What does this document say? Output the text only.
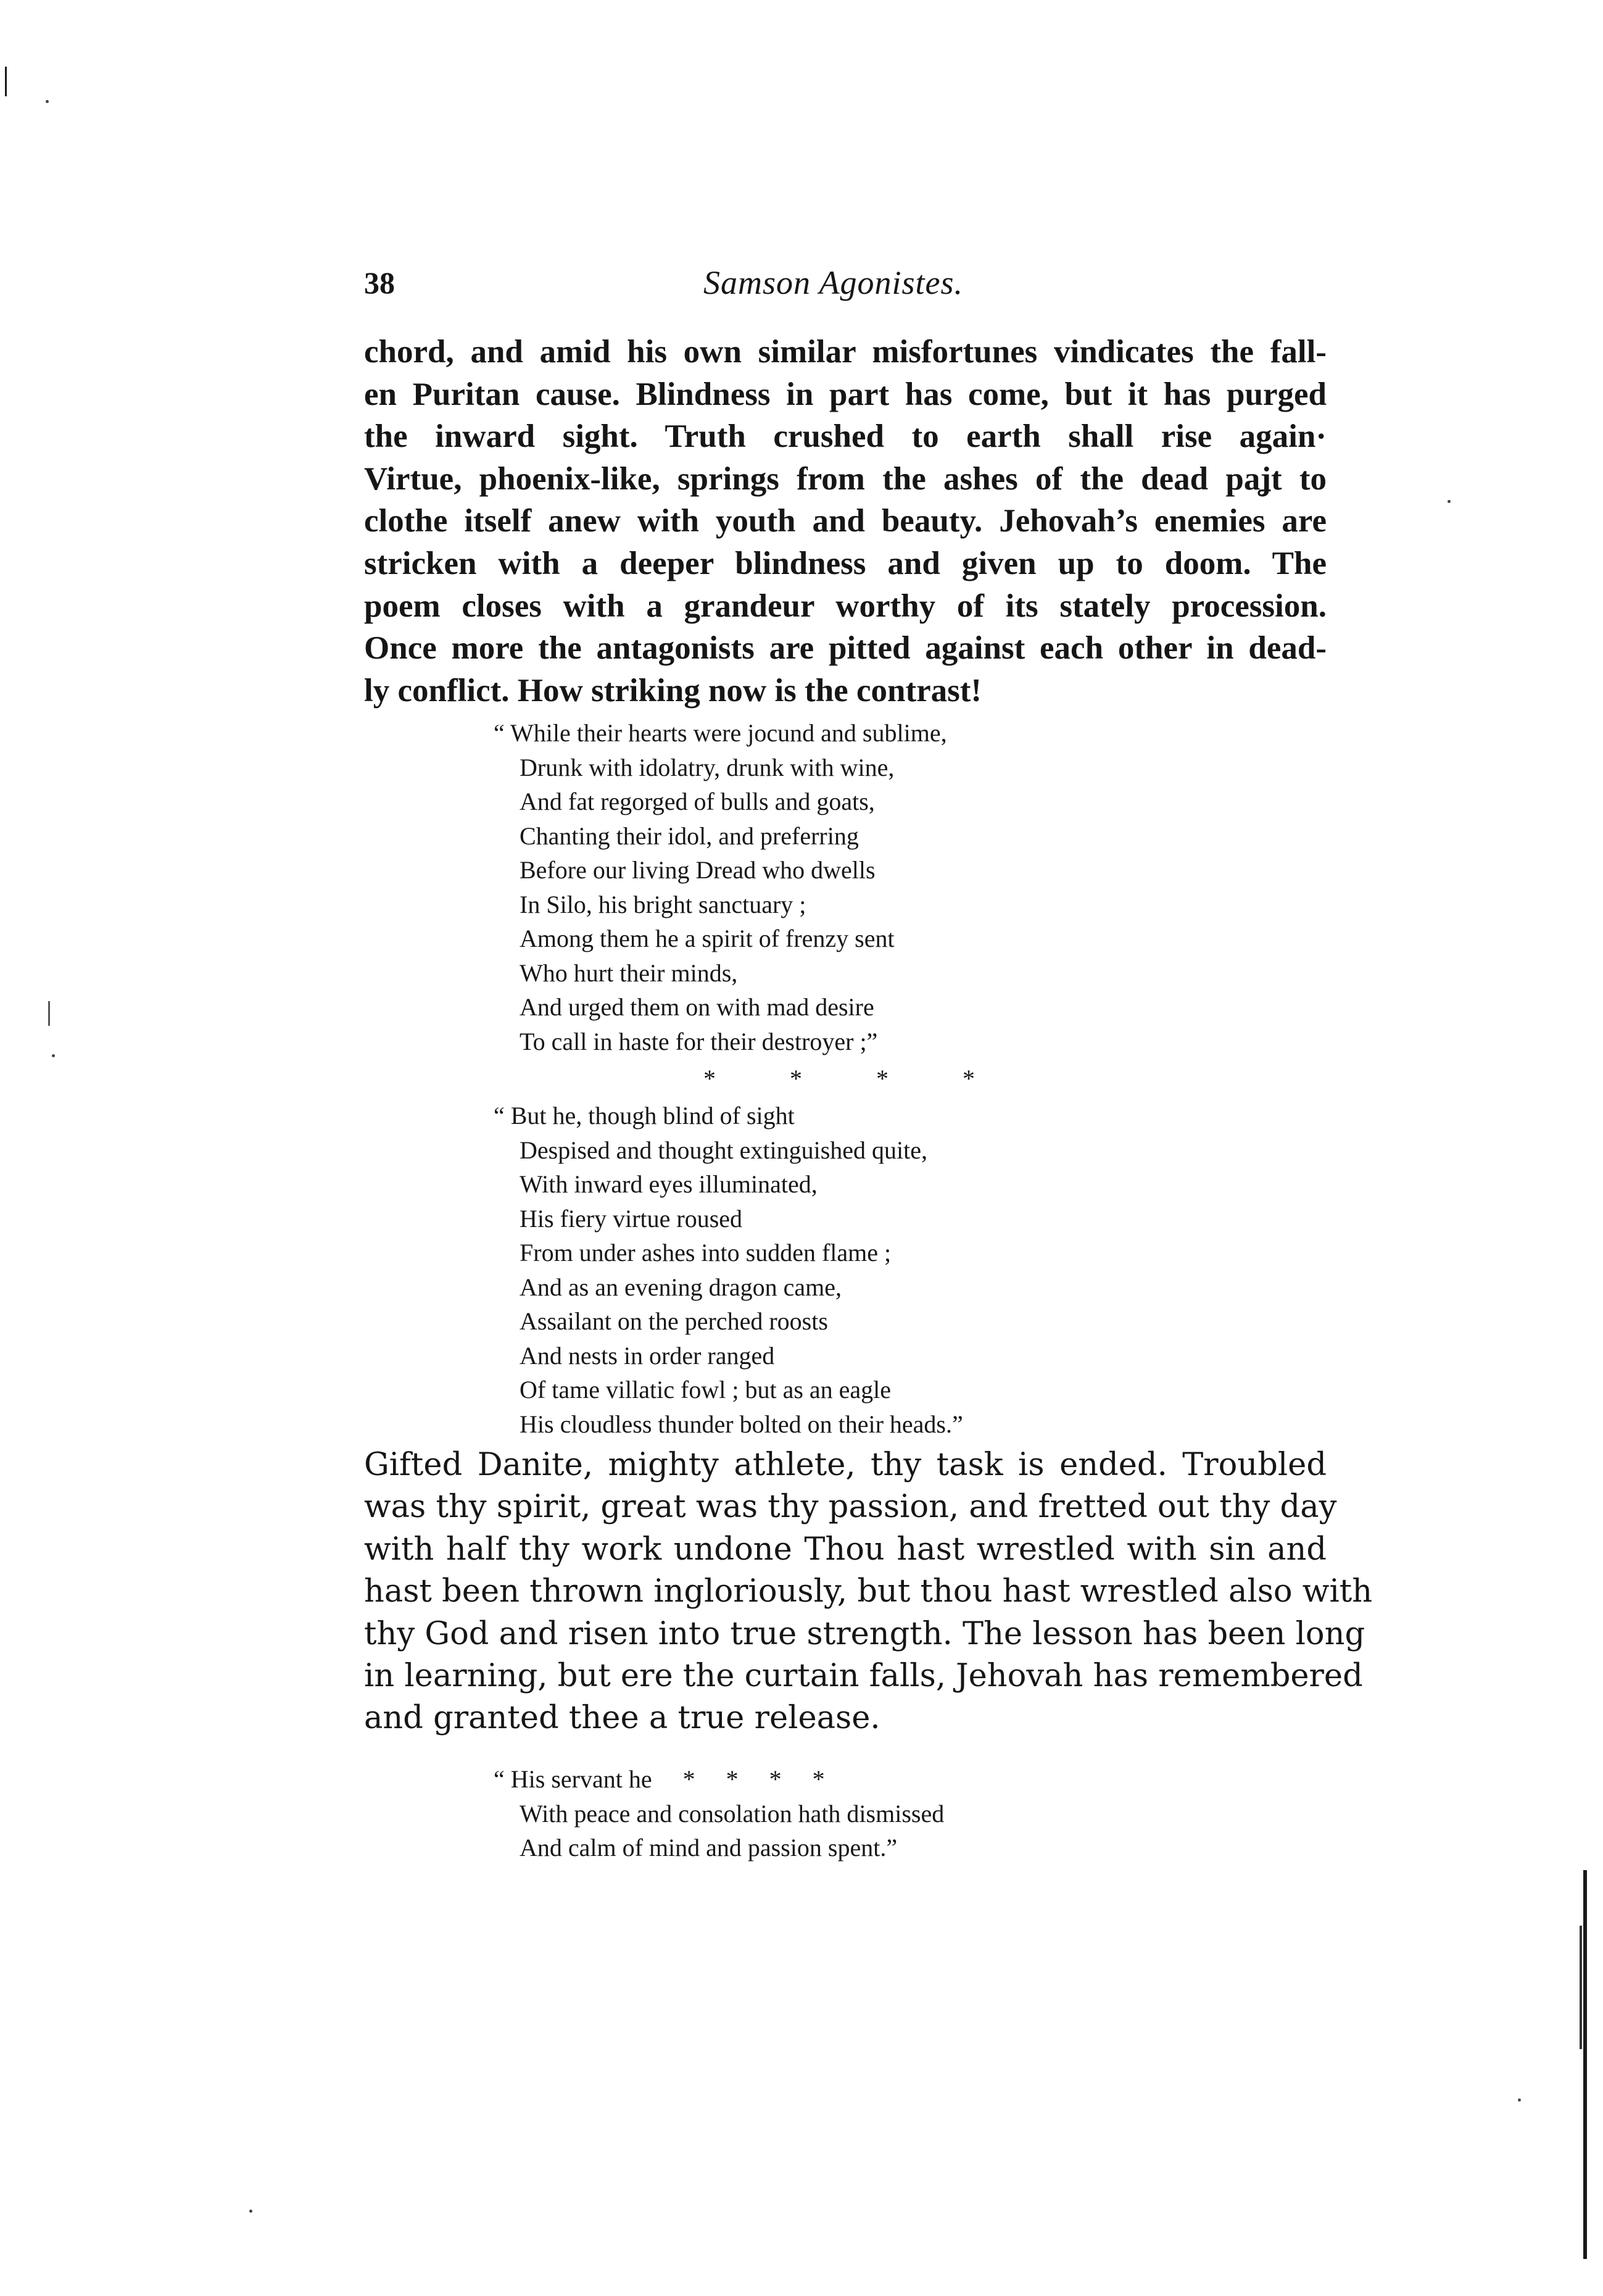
38	Samson Agonistes.
chord, and amid his own similar misfortunes vindicates the fall-
en Puritan cause. Blindness in part has come, but it has purged
the inward sight. Truth crushed to earth shall rise again·
Virtue, phoenix-like, springs from the ashes of the dead paʝt to
clothe itself anew with youth and beauty. Jehovah’s enemies are
stricken with a deeper blindness and given up to doom. The
poem closes with a grandeur worthy of its stately procession.
Once more the antagonists are pitted against each other in dead-
ly conflict. How striking now is the contrast!
“ While their hearts were jocund and sublime,
Drunk with idolatry, drunk with wine,
And fat regorged of bulls and goats,
Chanting their idol, and preferring
Before our living Dread who dwells
In Silo, his bright sanctuary ;
Among them he a spirit of frenzy sent
Who hurt their minds,
And urged them on with mad desire
To call in haste for their destroyer ;”
*	*	*	*
“ But he, though blind of sight
Despised and thought extinguished quite,
With inward eyes illuminated,
His fiery virtue roused
From under ashes into sudden flame ;
And as an evening dragon came,
Assailant on the perched roosts
And nests in order ranged
Of tame villatic fowl ; but as an eagle
His cloudless thunder bolted on their heads.”
Gifted Danite, mighty athlete, thy task is ended. Troubled
was thy spirit, great was thy passion, and fretted out thy day
with half thy work undone Thou hast wrestled with sin and
hast been thrown ingloriously, but thou hast wrestled also with
thy God and risen into true strength. The lesson has been long
in learning, but ere the curtain falls, Jehovah has remembered
and granted thee a true release.
“ His servant he     *     *     *     *
With peace and consolation hath dismissed
And calm of mind and passion spent.”
